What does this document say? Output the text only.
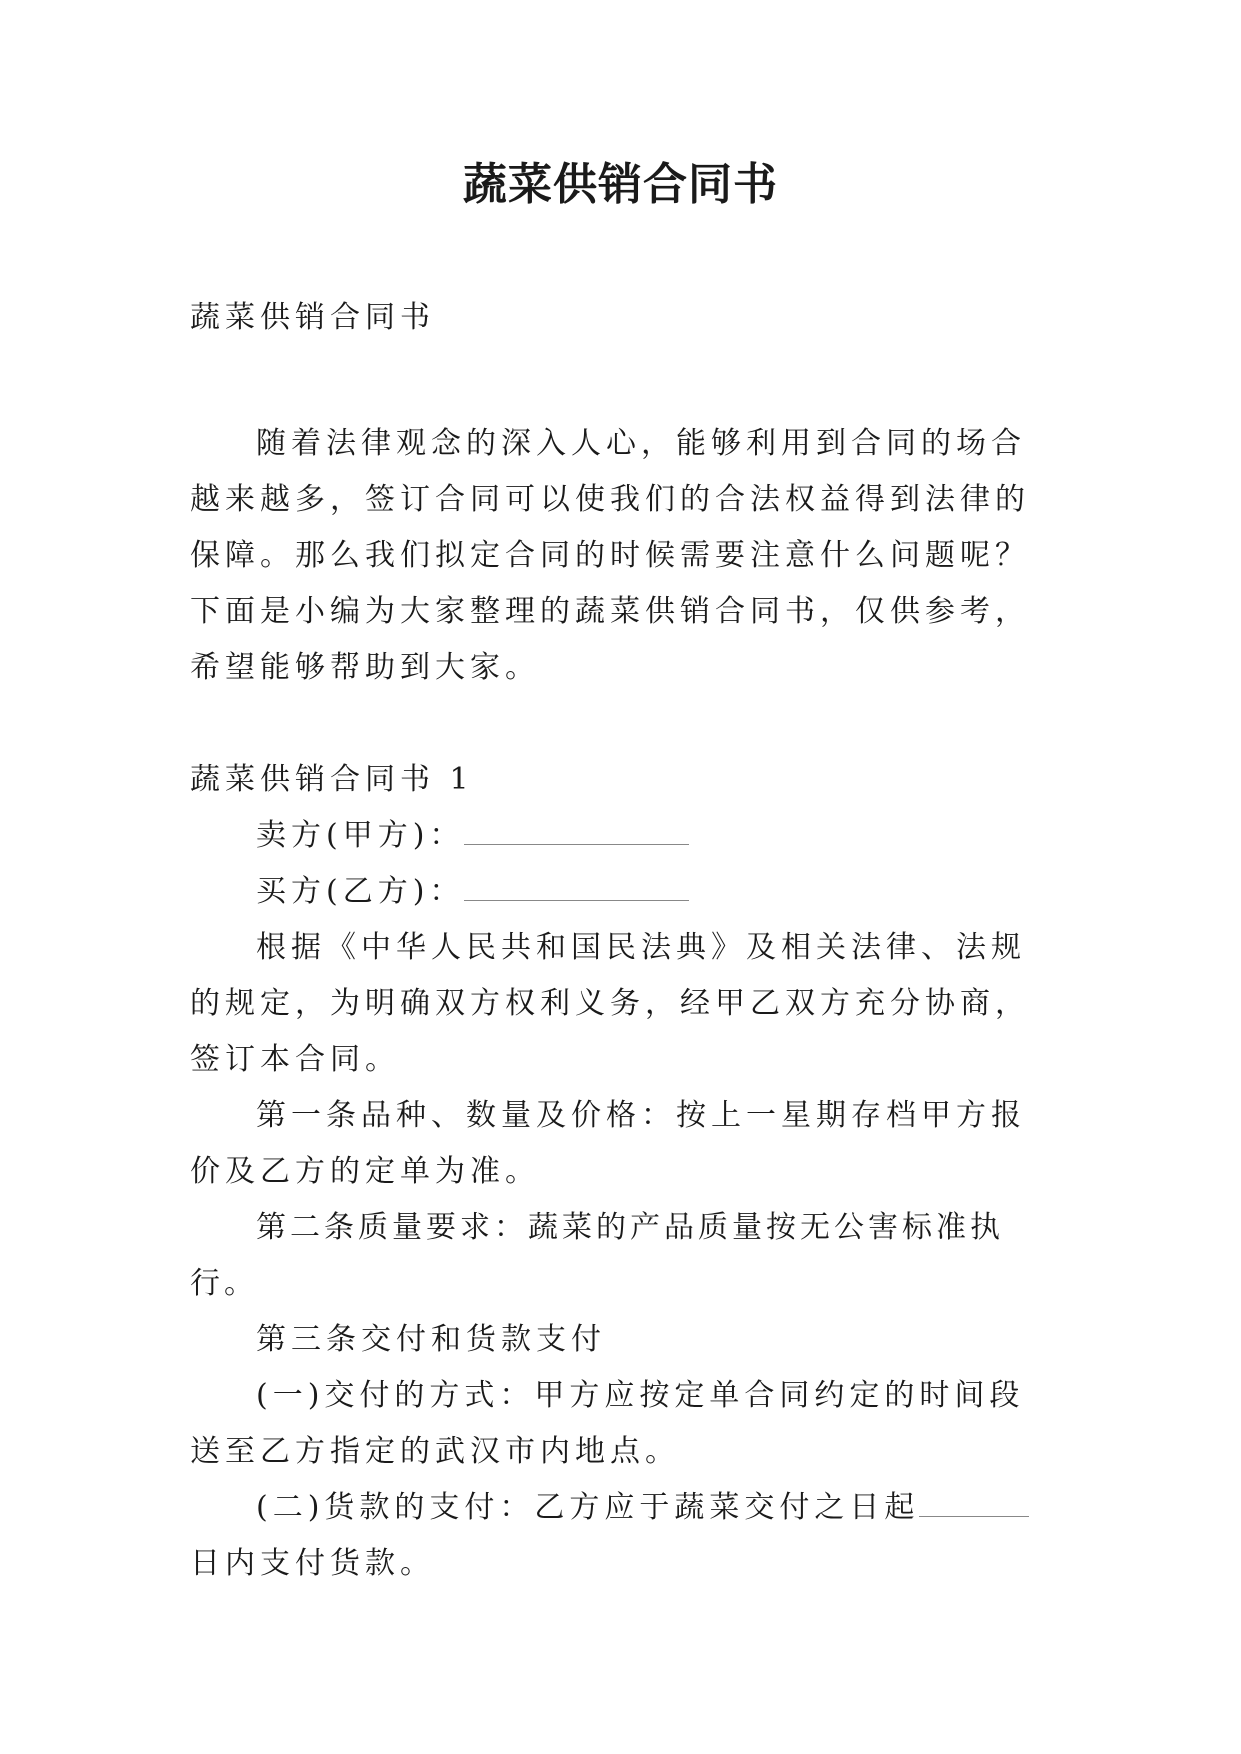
蔬菜供销合同书

蔬菜供销合同书

随着法律观念的深入人心，能够利用到合同的场合越来越多，签订合同可以使我们的合法权益得到法律的保障。那么我们拟定合同的时候需要注意什么问题呢？下面是小编为大家整理的蔬菜供销合同书，仅供参考，希望能够帮助到大家。

蔬菜供销合同书 1

卖方(甲方)：

买方(乙方)：

根据《中华人民共和国民法典》及相关法律、法规的规定，为明确双方权利义务，经甲乙双方充分协商，签订本合同。

第一条品种、数量及价格：按上一星期存档甲方报价及乙方的定单为准。

第二条质量要求：蔬菜的产品质量按无公害标准执行。

第三条交付和货款支付

(一)交付的方式：甲方应按定单合同约定的时间段送至乙方指定的武汉市内地点。

(二)货款的支付：乙方应于蔬菜交付之日起日内支付货款。
